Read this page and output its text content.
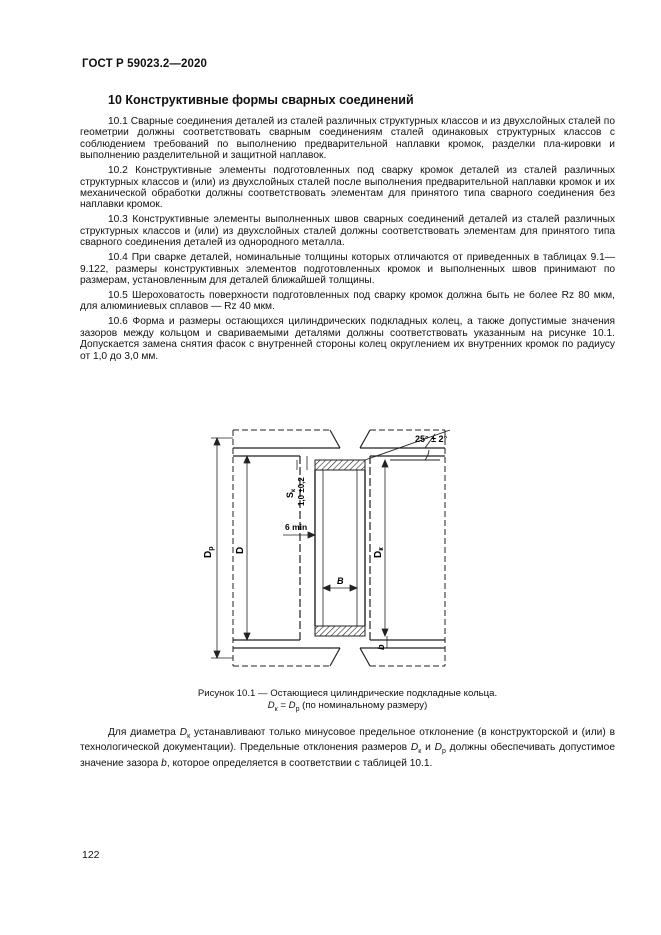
ГОСТ Р 59023.2—2020
10 Конструктивные формы сварных соединений

10.1 Сварные соединения деталей из сталей различных структурных классов и из двухслойных сталей по геометрии должны соответствовать сварным соединениям сталей одинаковых структурных классов с соблюдением требований по выполнению предварительной наплавки кромок, разделки пла-кировки и выполнению разделительной и защитной наплавок.

10.2 Конструктивные элементы подготовленных под сварку кромок деталей из сталей различных структурных классов и (или) из двухслойных сталей после выполнения предварительной наплавки кромок и их механической обработки должны соответствовать элементам для принятого типа сварного соединения без наплавки кромок.

10.3 Конструктивные элементы выполненных швов сварных соединений деталей из сталей различных структурных классов и (или) из двухслойных сталей должны соответствовать элементам для принятого типа сварного соединения деталей из однородного металла.

10.4 При сварке деталей, номинальные толщины которых отличаются от приведенных в таблицах 9.1—9.122, размеры конструктивных элементов подготовленных кромок и выполненных швов принимают по размерам, установленным для деталей ближайшей толщины.

10.5 Шероховатость поверхности подготовленных под сварку кромок должна быть не более Rz 80 мкм, для алюминиевых сплавов — Rz 40 мкм.

10.6 Форма и размеры остающихся цилиндрических подкладных колец, а также допустимые значения зазоров между кольцом и свариваемыми деталями должны соответствовать указанным на рисунке 10.1. Допускается замена снятия фасок с внутренней стороны колец округлением их внутренних кромок по радиусу от 1,0 до 3,0 мм.

25° ± 2°
$S_к$ 1,0 ±0,2
6 min
$D_р$ D
$D_к$
B
b
Рисунок 10.1 — Остающиеся цилиндрические подкладные кольца.
$D_к = D_р$ (по номинальному размеру)

Для диаметра $D_к$ устанавливают только минусовое предельное отклонение (в конструкторской и (или) в технологической документации). Предельные отклонения размеров $D_к$ и $D_р$ должны обеспечивать допустимое значение зазора b, которое определяется в соответствии с таблицей 10.1.

122
